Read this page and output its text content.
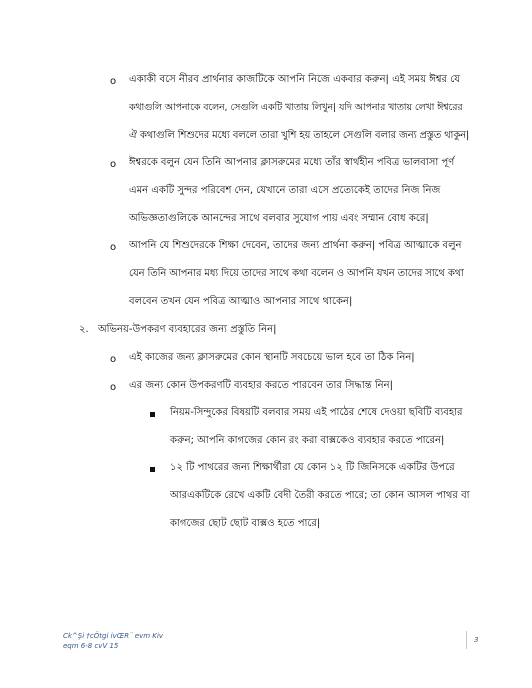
o একাকী বসে নীরব প্রার্থনার কাজটিকে আপনি নিজে একবার করুন| এই সময় ঈশ্বর যে
কথাগুলি আপনাকে বলেন, সেগুলি একটি খাতায় লিখুন| যদি আপনার খাতায় লেখা ঈশ্বরের
ঐ কথাগুলি শিশুদের মধ্যে বললে তারা খুশি হয় তাহলে সেগুলি বলার জন্য প্রস্তুত থাকুন|
o ঈশ্বরকে বলুন যেন তিনি আপনার ক্লাসরুমের মধ্যে তাঁর স্বার্থহীন পবিত্র ভালবাসা পূর্ণ
এমন একটি সুন্দর পরিবেশ দেন, যেখানে তারা এসে প্রত্যেকেই তাদের নিজ নিজ
অভিজ্ঞতাগুলিকে আনন্দের সাথে বলবার সুযোগ পায় এবং সম্মান বোধ করে|
o আপনি যে শিশুদেরকে শিক্ষা দেবেন, তাদের জন্য প্রার্থনা করুন| পবিত্র আত্মাকে বলুন
যেন তিনি আপনার মধ্য দিয়ে তাদের সাথে কথা বলেন ও আপনি যখন তাদের সাথে কথা
বলবেন তখন যেন পবিত্র আত্মাও আপনার সাথে থাকেন|
২. অভিনয়-উপকরণ ব্যবহারের জন্য প্রস্তুতি নিন|
o এই কাজের জন্য ক্লাসরুমের কোন স্থানটি সবচেয়ে ভাল হবে তা ঠিক নিন|
o এর জন্য কোন উপকরণটি ব্যবহার করতে পারবেন তার সিদ্ধান্ত নিন|
নিয়ম-সিন্দুকের বিষয়টি বলবার সময় এই পাঠের শেষে দেওয়া ছবিটি ব্যবহার
করুন; আপনি কাগজের কোন রং করা বাক্সকেও ব্যবহার করতে পারেন|
১২ টি পাথরের জন্য শিক্ষার্থীরা যে কোন ১২ টি জিনিসকে একটির উপরে
আরএকটিকে রেখে একটি বেদী তৈরী করতে পারে; তা কোন আসল পাথর বা
কাগজের ছোট ছোট বাক্সও হতে পারে|
Ck^Şi †cÖtgi ivŒR¨ evm Kiv
eqm 6-8 cvV 15
3
